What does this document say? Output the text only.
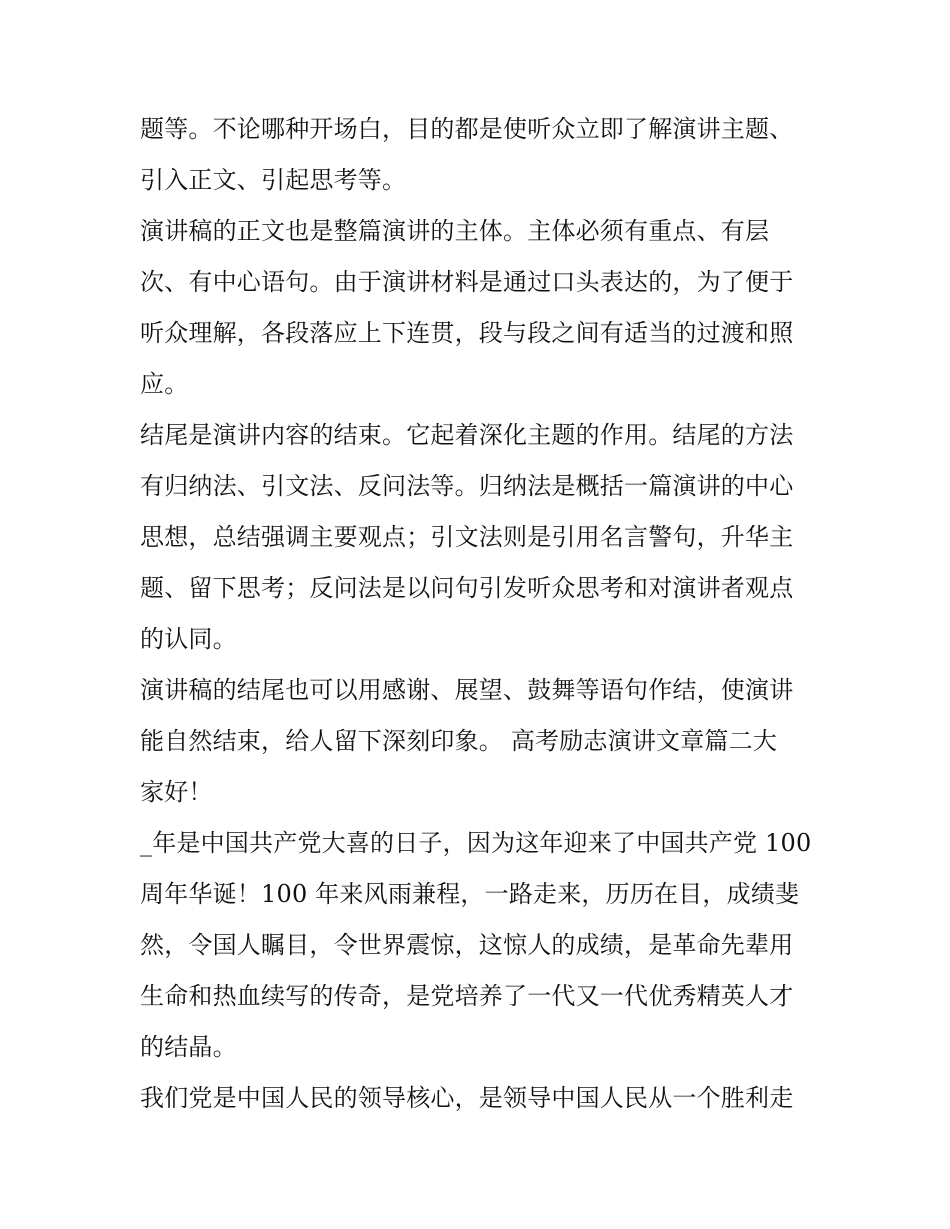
题等。不论哪种开场白，目的都是使听众立即了解演讲主题、
引入正文、引起思考等。
演讲稿的正文也是整篇演讲的主体。主体必须有重点、有层
次、有中心语句。由于演讲材料是通过口头表达的，为了便于
听众理解，各段落应上下连贯，段与段之间有适当的过渡和照
应。
结尾是演讲内容的结束。它起着深化主题的作用。结尾的方法
有归纳法、引文法、反问法等。归纳法是概括一篇演讲的中心
思想，总结强调主要观点；引文法则是引用名言警句，升华主
题、留下思考；反问法是以问句引发听众思考和对演讲者观点
的认同。
演讲稿的结尾也可以用感谢、展望、鼓舞等语句作结，使演讲
能自然结束，给人留下深刻印象。 高考励志演讲文章篇二大
家好！
_年是中国共产党大喜的日子，因为这年迎来了中国共产党 100
周年华诞！100 年来风雨兼程，一路走来，历历在目，成绩斐
然，令国人瞩目，令世界震惊，这惊人的成绩，是革命先辈用
生命和热血续写的传奇，是党培养了一代又一代优秀精英人才
的结晶。
我们党是中国人民的领导核心，是领导中国人民从一个胜利走
